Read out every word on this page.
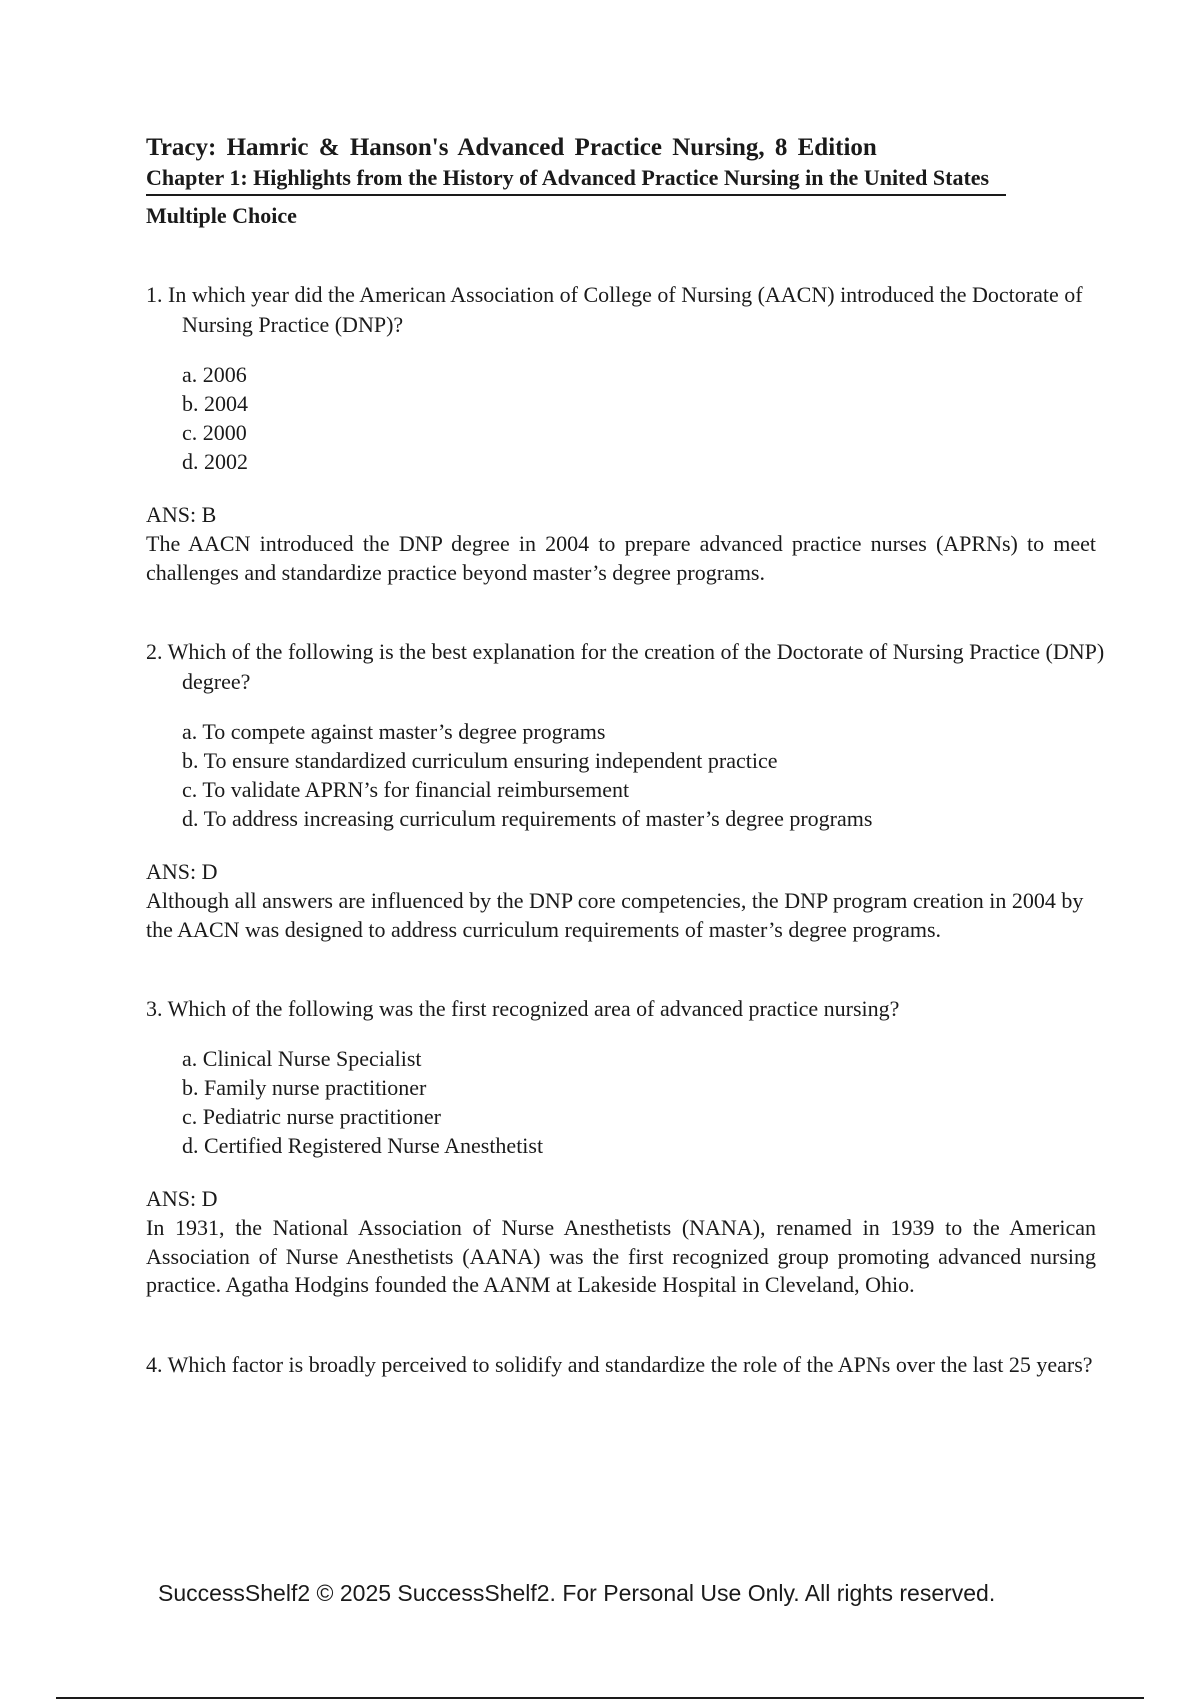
Tracy: Hamric & Hanson's Advanced Practice Nursing, 8 Edition
Chapter 1: Highlights from the History of Advanced Practice Nursing in the United States
Multiple Choice

1. In which year did the American Association of College of Nursing (AACN) introduced the Doctorate of Nursing Practice (DNP)?

a. 2006
b. 2004
c. 2000
d. 2002

ANS: B

The AACN introduced the DNP degree in 2004 to prepare advanced practice nurses (APRNs) to meet challenges and standardize practice beyond master’s degree programs.

2. Which of the following is the best explanation for the creation of the Doctorate of Nursing Practice (DNP) degree?

a. To compete against master’s degree programs
b. To ensure standardized curriculum ensuring independent practice
c. To validate APRN’s for financial reimbursement
d. To address increasing curriculum requirements of master’s degree programs

ANS: D

Although all answers are influenced by the DNP core competencies, the DNP program creation in 2004 by the AACN was designed to address curriculum requirements of master’s degree programs.

3. Which of the following was the first recognized area of advanced practice nursing?

a. Clinical Nurse Specialist
b. Family nurse practitioner
c. Pediatric nurse practitioner
d. Certified Registered Nurse Anesthetist

ANS: D

In 1931, the National Association of Nurse Anesthetists (NANA), renamed in 1939 to the American Association of Nurse Anesthetists (AANA) was the first recognized group promoting advanced nursing practice. Agatha Hodgins founded the AANM at Lakeside Hospital in Cleveland, Ohio.

4. Which factor is broadly perceived to solidify and standardize the role of the APNs over the last 25 years?

SuccessShelf2 © 2025 SuccessShelf2. For Personal Use Only. All rights reserved.
